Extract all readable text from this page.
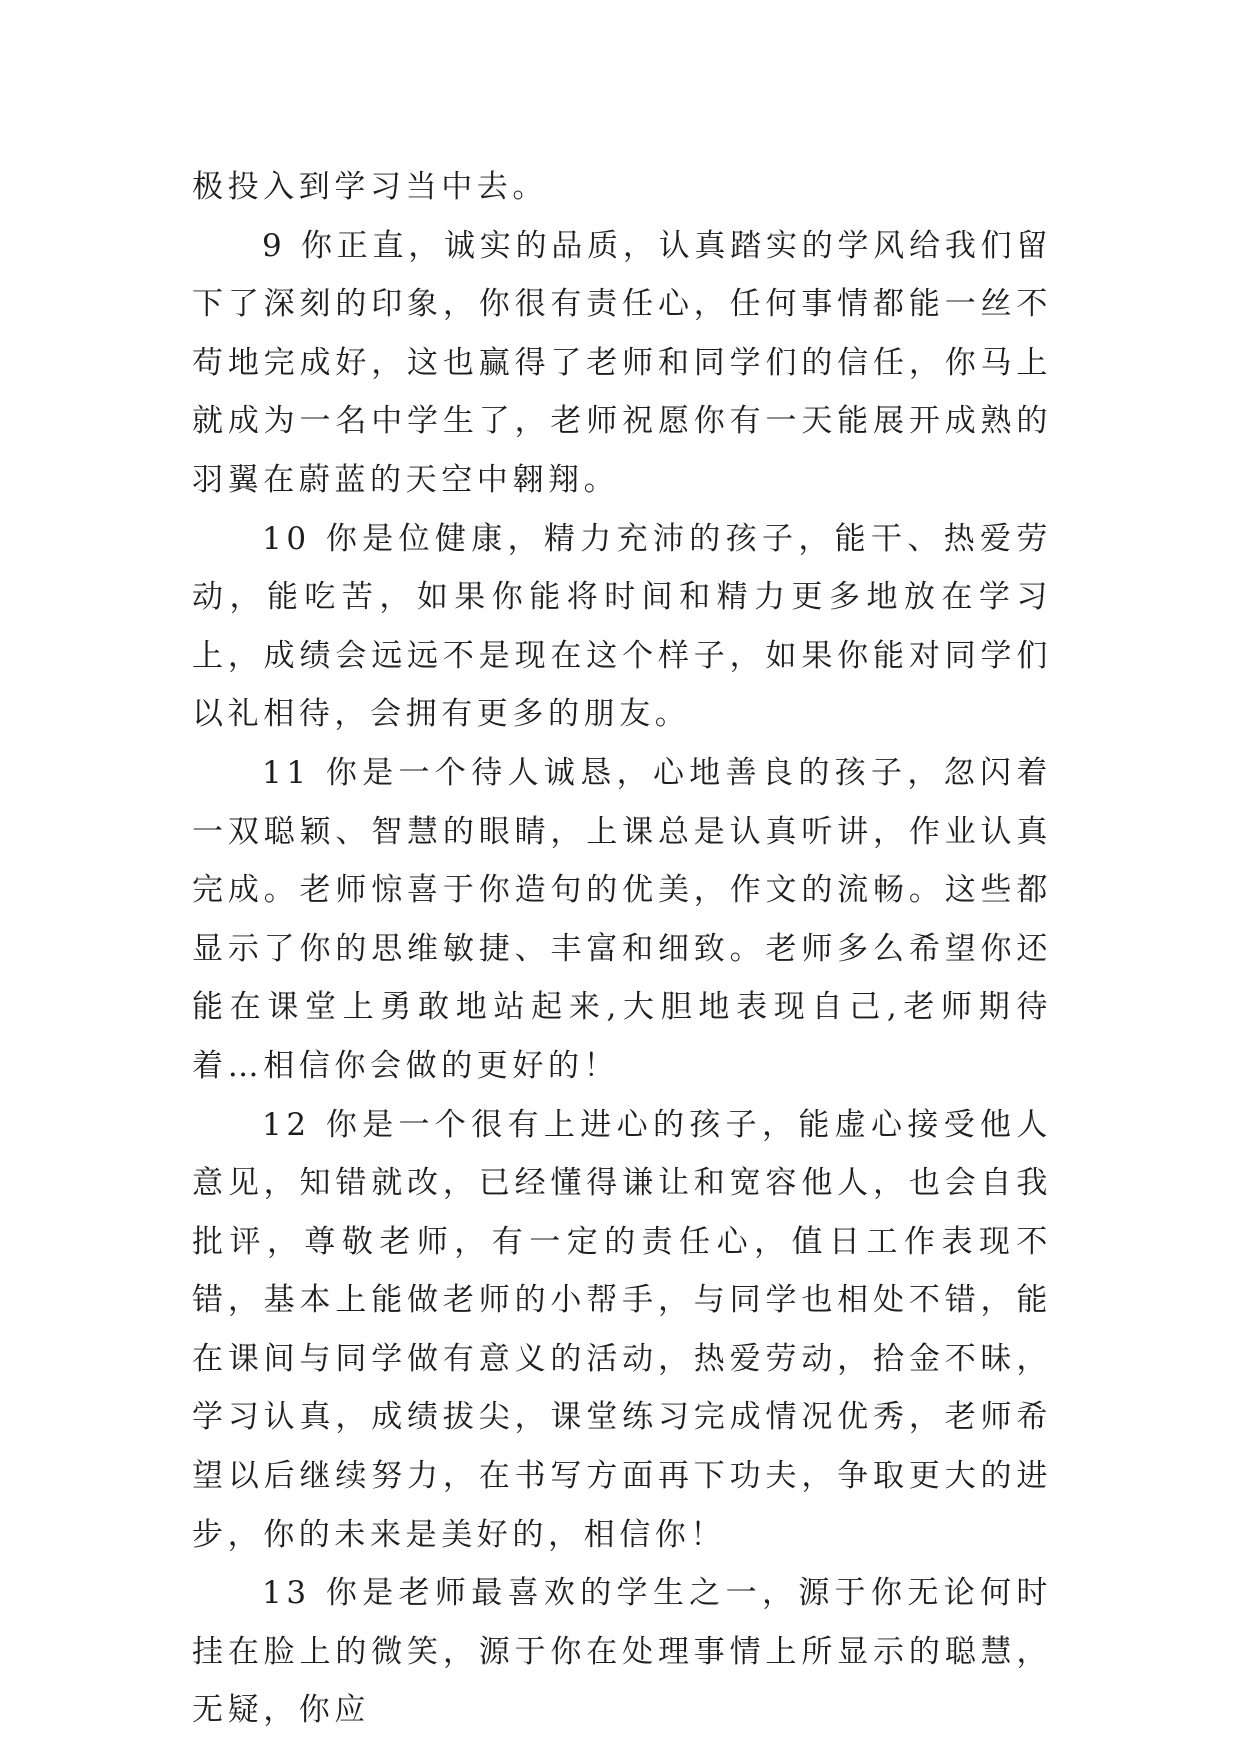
极投入到学习当中去。

9 你正直，诚实的品质，认真踏实的学风给我们留下了深刻的印象，你很有责任心，任何事情都能一丝不苟地完成好，这也赢得了老师和同学们的信任，你马上就成为一名中学生了，老师祝愿你有一天能展开成熟的羽翼在蔚蓝的天空中翱翔。

10 你是位健康，精力充沛的孩子，能干、热爱劳动，能吃苦，如果你能将时间和精力更多地放在学习上，成绩会远远不是现在这个样子，如果你能对同学们以礼相待，会拥有更多的朋友。

11 你是一个待人诚恳，心地善良的孩子，忽闪着一双聪颖、智慧的眼睛，上课总是认真听讲，作业认真完成。老师惊喜于你造句的优美，作文的流畅。这些都显示了你的思维敏捷、丰富和细致。老师多么希望你还能在课堂上勇敢地站起来,大胆地表现自己,老师期待着…相信你会做的更好的！

12 你是一个很有上进心的孩子，能虚心接受他人意见，知错就改，已经懂得谦让和宽容他人，也会自我批评，尊敬老师，有一定的责任心，值日工作表现不错，基本上能做老师的小帮手，与同学也相处不错，能在课间与同学做有意义的活动，热爱劳动，拾金不昧，学习认真，成绩拔尖，课堂练习完成情况优秀，老师希望以后继续努力，在书写方面再下功夫，争取更大的进步，你的未来是美好的，相信你！

13 你是老师最喜欢的学生之一，源于你无论何时挂在脸上的微笑，源于你在处理事情上所显示的聪慧，无疑，你应
